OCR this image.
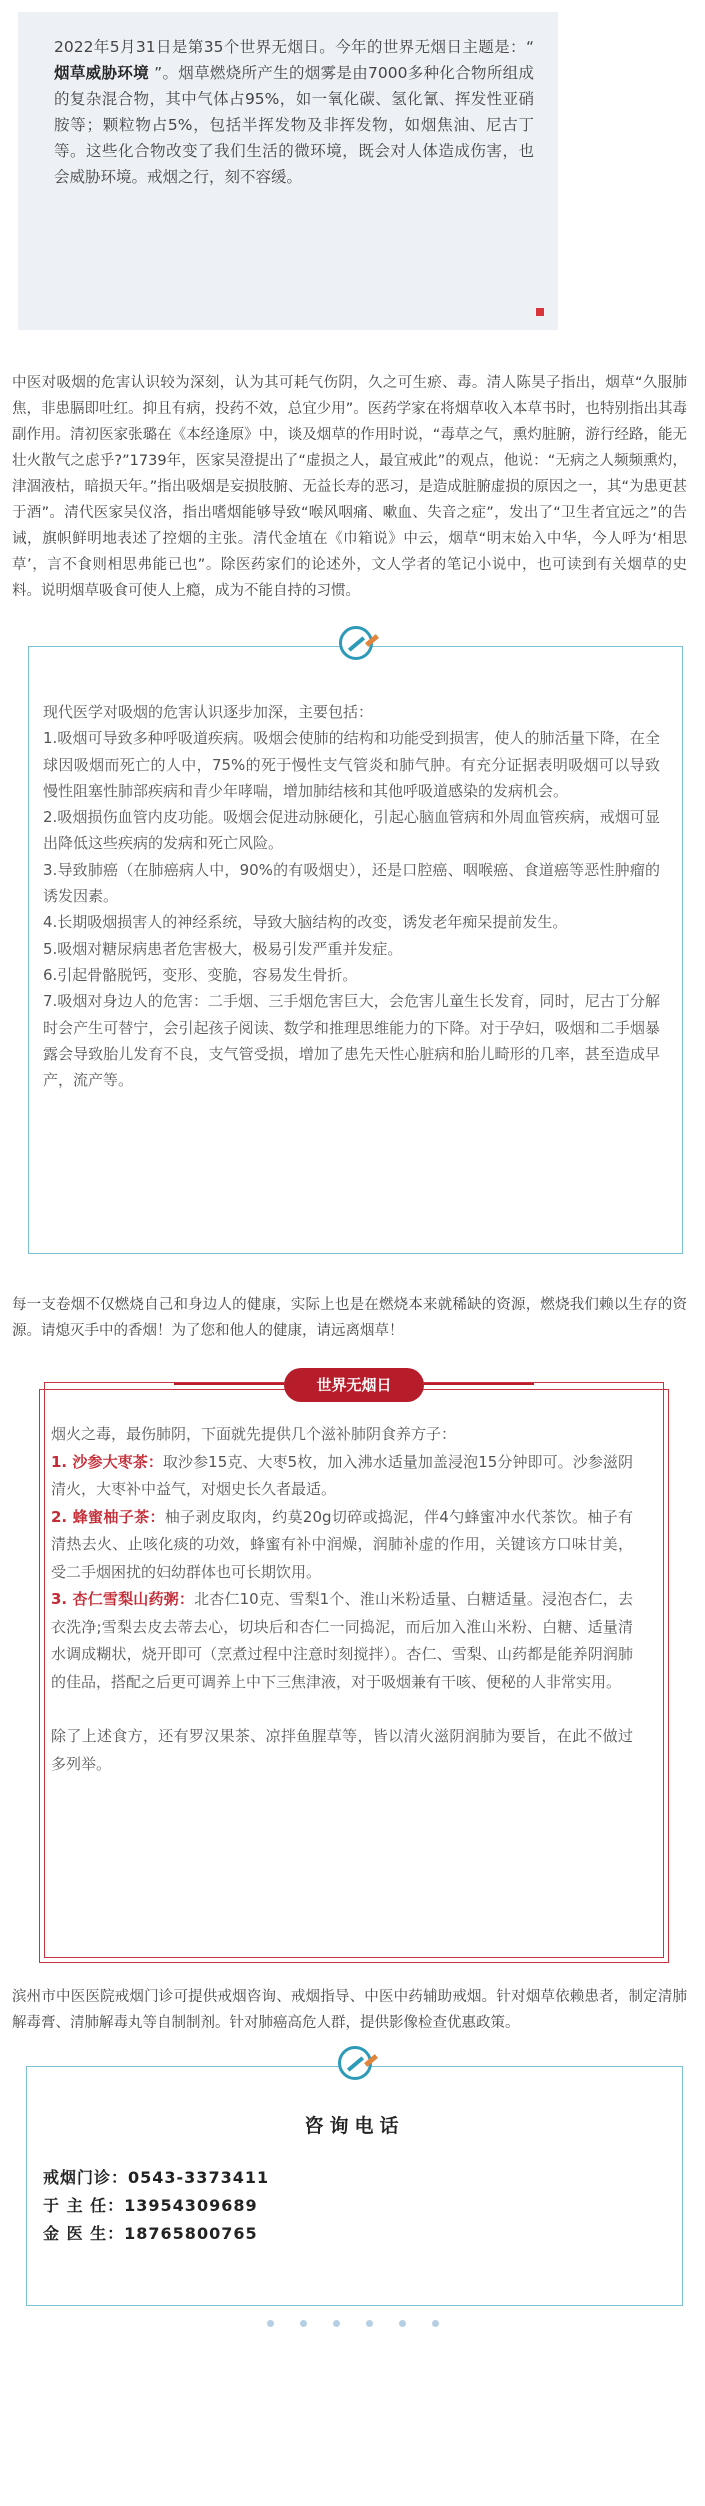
2022年5月31日是第35个世界无烟日。今年的世界无烟日主题是：“ 烟草威胁环境 ”。烟草燃烧所产生的烟雾是由7000多种化合物所组成的复杂混合物，其中气体占95%，如一氧化碳、氢化氰、挥发性亚硝胺等；颗粒物占5%，包括半挥发物及非挥发物，如烟焦油、尼古丁等。这些化合物改变了我们生活的微环境，既会对人体造成伤害，也会威胁环境。戒烟之行，刻不容缓。

中医对吸烟的危害认识较为深刻，认为其可耗气伤阴，久之可生瘀、毒。清人陈昊子指出，烟草“久服肺焦，非患膈即吐红。抑且有病，投药不效，总宜少用”。医药学家在将烟草收入本草书时，也特别指出其毒副作用。清初医家张璐在《本经逢原》中，谈及烟草的作用时说，“毒草之气，熏灼脏腑，游行经路，能无壮火散气之虑乎?”1739年，医家吴澄提出了“虚损之人，最宜戒此”的观点，他说：“无病之人频频熏灼，津涸液枯，暗损天年。”指出吸烟是妄损肢腑、无益长寿的恶习，是造成脏腑虚损的原因之一，其“为患更甚于酒”。清代医家吴仪洛，指出嗜烟能够导致“喉风咽痛、嗽血、失音之症”，发出了“卫生者宜远之”的告诫，旗帜鲜明地表述了控烟的主张。清代金埴在《巾箱说》中云，烟草“明末始入中华，今人呼为‘相思草’，言不食则相思弗能已也”。除医药家们的论述外，文人学者的笔记小说中，也可读到有关烟草的史料。说明烟草吸食可使人上瘾，成为不能自持的习惯。

现代医学对吸烟的危害认识逐步加深，主要包括：

1.吸烟可导致多种呼吸道疾病。吸烟会使肺的结构和功能受到损害，使人的肺活量下降，在全球因吸烟而死亡的人中，75%的死于慢性支气管炎和肺气肿。有充分证据表明吸烟可以导致慢性阻塞性肺部疾病和青少年哮喘，增加肺结核和其他呼吸道感染的发病机会。

2.吸烟损伤血管内皮功能。吸烟会促进动脉硬化，引起心脑血管病和外周血管疾病，戒烟可显出降低这些疾病的发病和死亡风险。

3.导致肺癌（在肺癌病人中，90%的有吸烟史），还是口腔癌、咽喉癌、食道癌等恶性肿瘤的诱发因素。

4.长期吸烟损害人的神经系统，导致大脑结构的改变，诱发老年痴呆提前发生。

5.吸烟对糖尿病患者危害极大，极易引发严重并发症。

6.引起骨骼脱钙，变形、变脆，容易发生骨折。

7.吸烟对身边人的危害：二手烟、三手烟危害巨大，会危害儿童生长发育，同时，尼古丁分解时会产生可替宁，会引起孩子阅读、数学和推理思维能力的下降。对于孕妇，吸烟和二手烟暴露会导致胎儿发育不良，支气管受损，增加了患先天性心脏病和胎儿畸形的几率，甚至造成早产，流产等。

每一支卷烟不仅燃烧自己和身边人的健康，实际上也是在燃烧本来就稀缺的资源，燃烧我们赖以生存的资源。请熄灭手中的香烟！为了您和他人的健康，请远离烟草！

世界无烟日

烟火之毒，最伤肺阴，下面就先提供几个滋补肺阴食养方子：

1. 沙参大枣茶：取沙参15克、大枣5枚，加入沸水适量加盖浸泡15分钟即可。沙参滋阴清火，大枣补中益气，对烟史长久者最适。

2. 蜂蜜柚子茶：柚子剥皮取肉，约莫20g切碎或捣泥，伴4勺蜂蜜冲水代茶饮。柚子有清热去火、止咳化痰的功效，蜂蜜有补中润燥，润肺补虚的作用，关键该方口味甘美，受二手烟困扰的妇幼群体也可长期饮用。

3. 杏仁雪梨山药粥：北杏仁10克、雪梨1个、淮山米粉适量、白糖适量。浸泡杏仁，去衣洗净;雪梨去皮去蒂去心，切块后和杏仁一同捣泥，而后加入淮山米粉、白糖、适量清水调成糊状，烧开即可（烹煮过程中注意时刻搅拌）。杏仁、雪梨、山药都是能养阴润肺的佳品，搭配之后更可调养上中下三焦津液，对于吸烟兼有干咳、便秘的人非常实用。

除了上述食方，还有罗汉果茶、凉拌鱼腥草等，皆以清火滋阴润肺为要旨，在此不做过多列举。

滨州市中医医院戒烟门诊可提供戒烟咨询、戒烟指导、中医中药辅助戒烟。针对烟草依赖患者，制定清肺解毒膏、清肺解毒丸等自制制剂。针对肺癌高危人群，提供影像检查优惠政策。

咨询电话
戒烟门诊：0543-3373411
于 主 任：13954309689
金 医 生：18765800765
